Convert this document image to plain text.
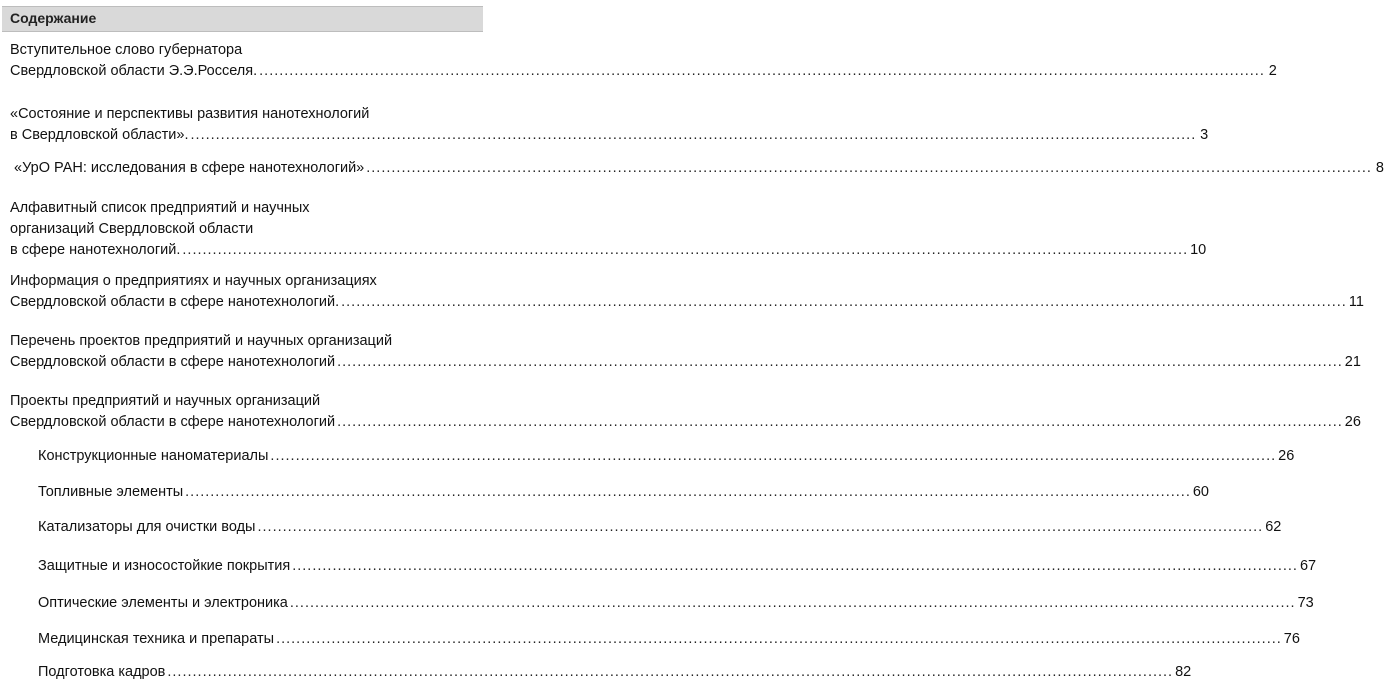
Содержание
Вступительное слово губернатора
Свердловской области Э.Э.Росселя. ........................................................................................................................................................................................................ 2
«Состояние и перспективы развития нанотехнологий
в Свердловской области». ........................................................................................................................................................................................................ 3
«УрО РАН: исследования в сфере нанотехнологий» ........................................................................................................................................................................................................ 8
Алфавитный список предприятий и научных
организаций Свердловской области
в сфере нанотехнологий. ........................................................................................................................................................................................................ 10
Информация о предприятиях и научных организациях
Свердловской области в сфере нанотехнологий. ........................................................................................................................................................................................................ 11
Перечень проектов предприятий и научных организаций
Свердловской области в сфере нанотехнологий ........................................................................................................................................................................................................ 21
Проекты предприятий и научных организаций
Свердловской области в сфере нанотехнологий ........................................................................................................................................................................................................ 26
Конструкционные наноматериалы ........................................................................................................................................................................................................ 26
Топливные элементы ........................................................................................................................................................................................................ 60
Катализаторы для очистки воды ........................................................................................................................................................................................................ 62
Защитные и износостойкие покрытия ........................................................................................................................................................................................................ 67
Оптические элементы и электроника ........................................................................................................................................................................................................ 73
Медицинская техника и препараты ........................................................................................................................................................................................................ 76
Подготовка кадров ........................................................................................................................................................................................................ 82
